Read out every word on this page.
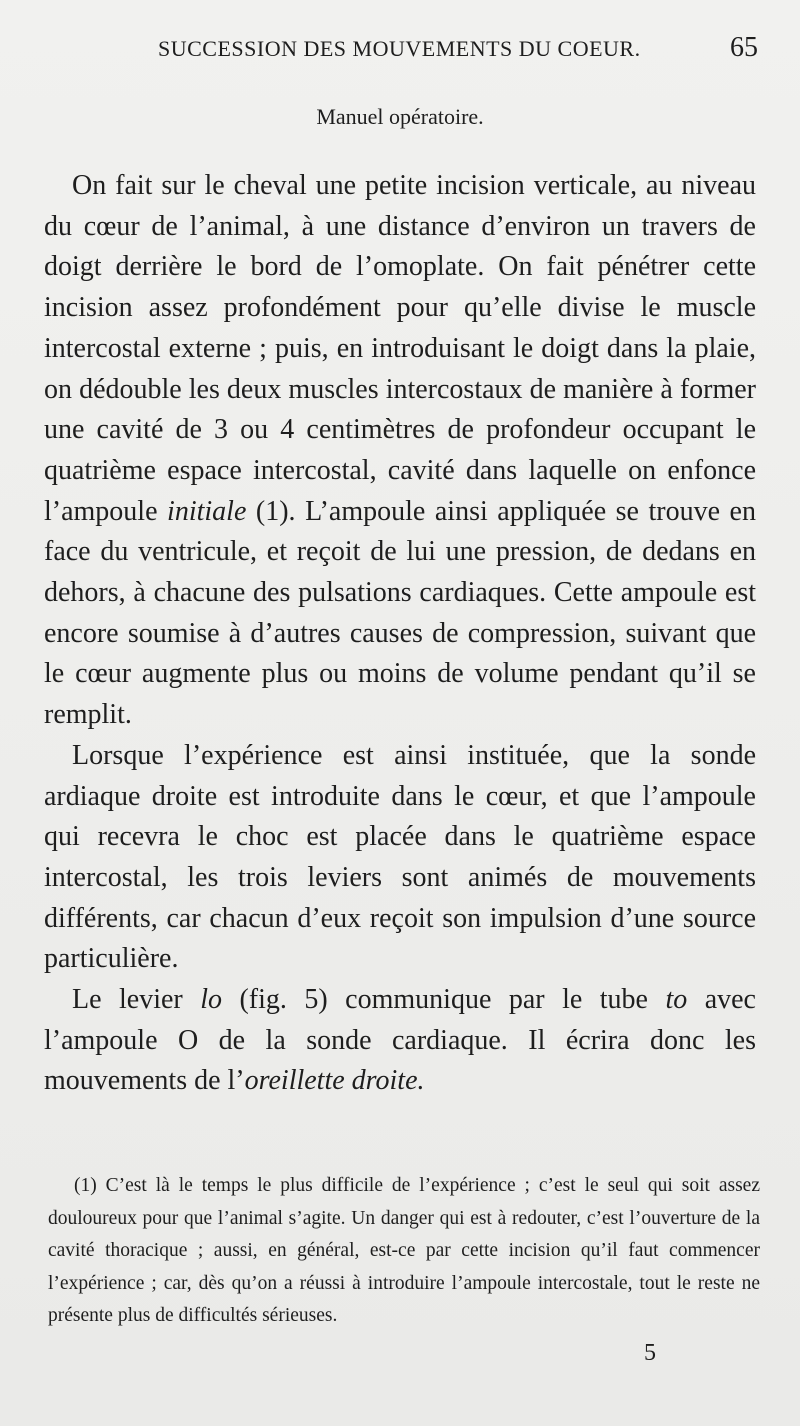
SUCCESSION DES MOUVEMENTS DU COEUR.	65
Manuel opératoire.

On fait sur le cheval une petite incision verticale, au niveau du cœur de l’animal, à une distance d’environ un travers de doigt derrière le bord de l’omoplate. On fait pénétrer cette incision assez profondément pour qu’elle divise le muscle intercostal externe ; puis, en introduisant le doigt dans la plaie, on dédouble les deux muscles intercostaux de manière à former une cavité de 3 ou 4 centimètres de profondeur occupant le quatrième espace intercostal, cavité dans laquelle on enfonce l’ampoule initiale (1). L’ampoule ainsi appliquée se trouve en face du ventricule, et reçoit de lui une pression, de dedans en dehors, à chacune des pulsations cardiaques. Cette ampoule est encore soumise à d’autres causes de compression, suivant que le cœur augmente plus ou moins de volume pendant qu’il se remplit.

Lorsque l’expérience est ainsi instituée, que la sonde ardiaque droite est introduite dans le cœur, et que l’ampoule qui recevra le choc est placée dans le quatrième espace intercostal, les trois leviers sont animés de mouvements différents, car chacun d’eux reçoit son impulsion d’une source particulière.

Le levier lo (fig. 5) communique par le tube to avec l’ampoule O de la sonde cardiaque. Il écrira donc les mouvements de l’oreillette droite.

(1) C’est là le temps le plus difficile de l’expérience ; c’est le seul qui soit assez douloureux pour que l’animal s’agite. Un danger qui est à redouter, c’est l’ouverture de la cavité thoracique ; aussi, en général, est-ce par cette incision qu’il faut commencer l’expérience ; car, dès qu’on a réussi à introduire l’ampoule intercostale, tout le reste ne présente plus de difficultés sérieuses.

5
